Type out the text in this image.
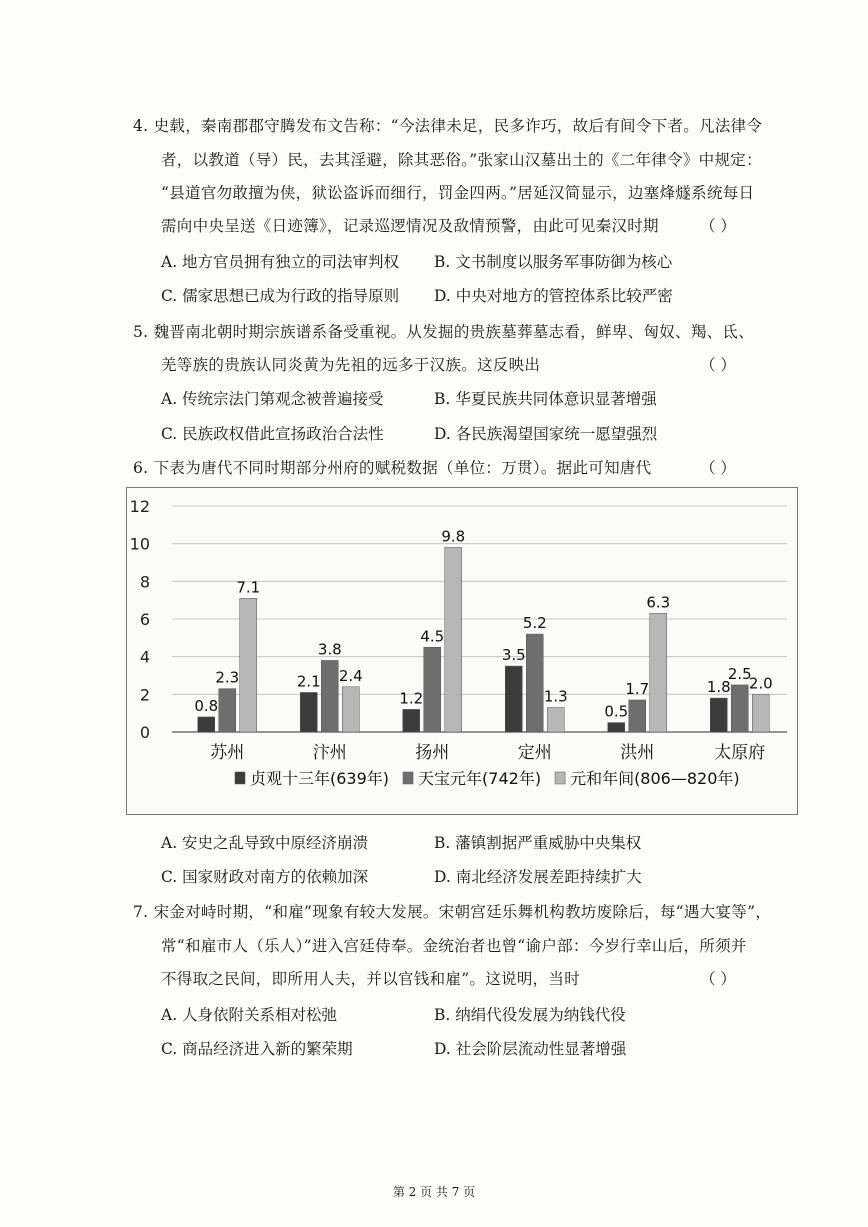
4. 史载，秦南郡郡守腾发布文告称：“今法律未足，民多诈巧，故后有间令下者。凡法律令
者，以教道（导）民，去其淫避，除其恶俗。”张家山汉墓出土的《二年律令》中规定：
“县道官勿敢擅为侠，狱讼盗诉而细行，罚金四两。”居延汉简显示，边塞烽燧系统每日
需向中央呈送《日迹簿》，记录巡逻情况及敌情预警，由此可见秦汉时期	（ ）
A. 地方官员拥有独立的司法审判权 B. 文书制度以服务军事防御为核心
C. 儒家思想已成为行政的指导原则 D. 中央对地方的管控体系比较严密
5. 魏晋南北朝时期宗族谱系备受重视。从发掘的贵族墓葬墓志看，鲜卑、匈奴、羯、氐、
羌等族的贵族认同炎黄为先祖的远多于汉族。这反映出	（ ）
A. 传统宗法门第观念被普遍接受	B. 华夏民族共同体意识显著增强
C. 民族政权借此宣扬政治合法性	D. 各民族渴望国家统一愿望强烈
6. 下表为唐代不同时期部分州府的赋税数据（单位：万贯）。据此可知唐代	（ ）
0
2
4
6
8
10
12
0.8
2.3
7.1
苏州
2.1
3.8
2.4
汴州
1.2
4.5
9.8
扬州
3.5
5.2
1.3
定州
0.5
1.7
6.3
洪州
1.8
2.5
2.0
太原府
贞观十三年(639年) 天宝元年(742年) 元和年间(806—820年)
A. 安史之乱导致中原经济崩溃	B. 藩镇割据严重威胁中央集权
C. 国家财政对南方的依赖加深	D. 南北经济发展差距持续扩大
7. 宋金对峙时期，“和雇”现象有较大发展。宋朝宫廷乐舞机构教坊废除后，每“遇大宴等”，
常“和雇市人（乐人）”进入宫廷侍奉。金统治者也曾“谕户部：今岁行幸山后，所须并
不得取之民间，即所用人夫，并以官钱和雇”。这说明，当时	（ ）
A. 人身依附关系相对松弛	B. 纳绢代役发展为纳钱代役
C. 商品经济进入新的繁荣期	D. 社会阶层流动性显著增强
第 2 页 共 7 页
